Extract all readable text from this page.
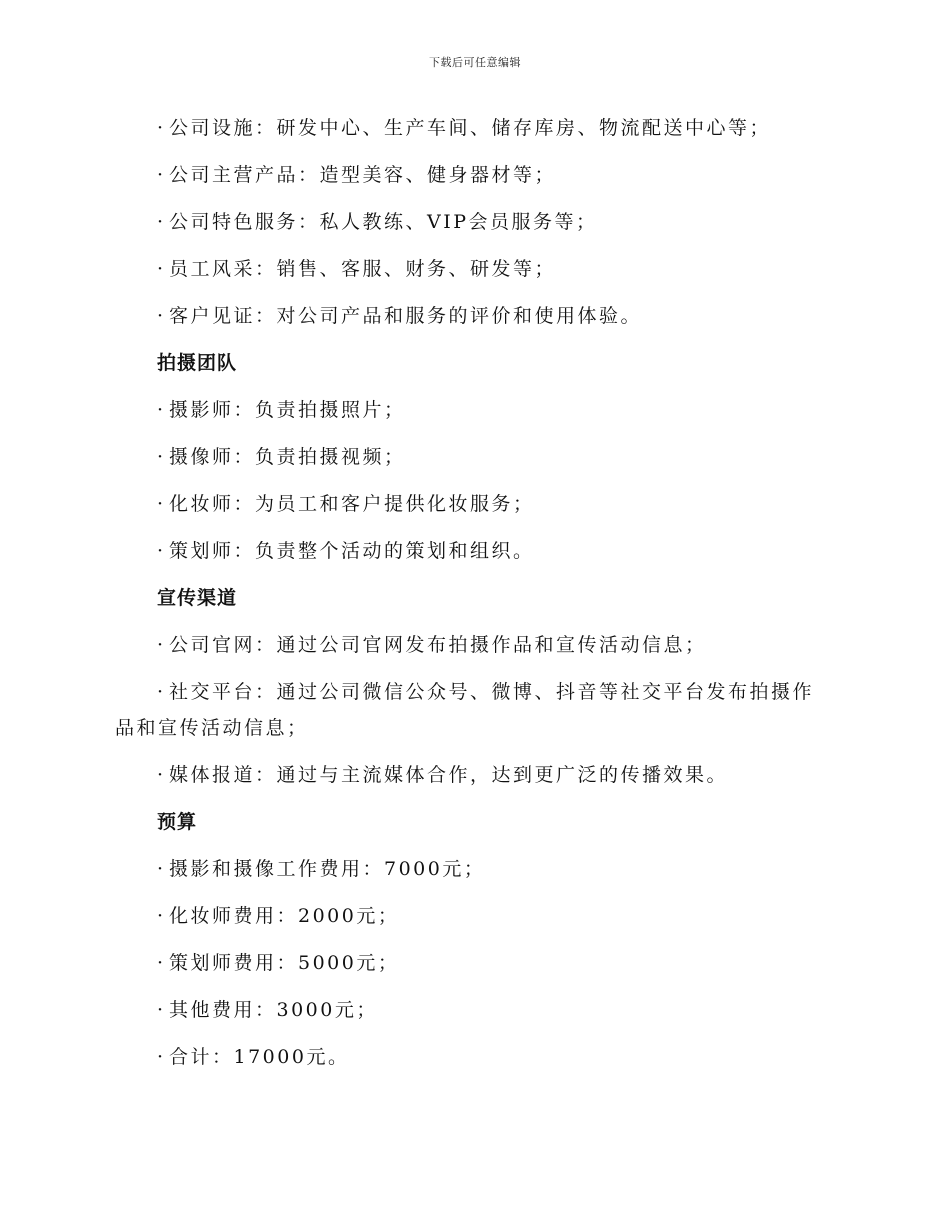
下载后可任意编辑

· 公司设施：研发中心、生产车间、储存库房、物流配送中心等；

· 公司主营产品：造型美容、健身器材等；

· 公司特色服务：私人教练、VIP会员服务等；

· 员工风采：销售、客服、财务、研发等；

· 客户见证：对公司产品和服务的评价和使用体验。

拍摄团队

· 摄影师：负责拍摄照片；

· 摄像师：负责拍摄视频；

· 化妆师：为员工和客户提供化妆服务；

· 策划师：负责整个活动的策划和组织。

宣传渠道

· 公司官网：通过公司官网发布拍摄作品和宣传活动信息；

· 社交平台：通过公司微信公众号、微博、抖音等社交平台发布拍摄作品和宣传活动信息；

· 媒体报道：通过与主流媒体合作，达到更广泛的传播效果。

预算

· 摄影和摄像工作费用：7000元；

· 化妆师费用：2000元；

· 策划师费用：5000元；

· 其他费用：3000元；

· 合计：17000元。
